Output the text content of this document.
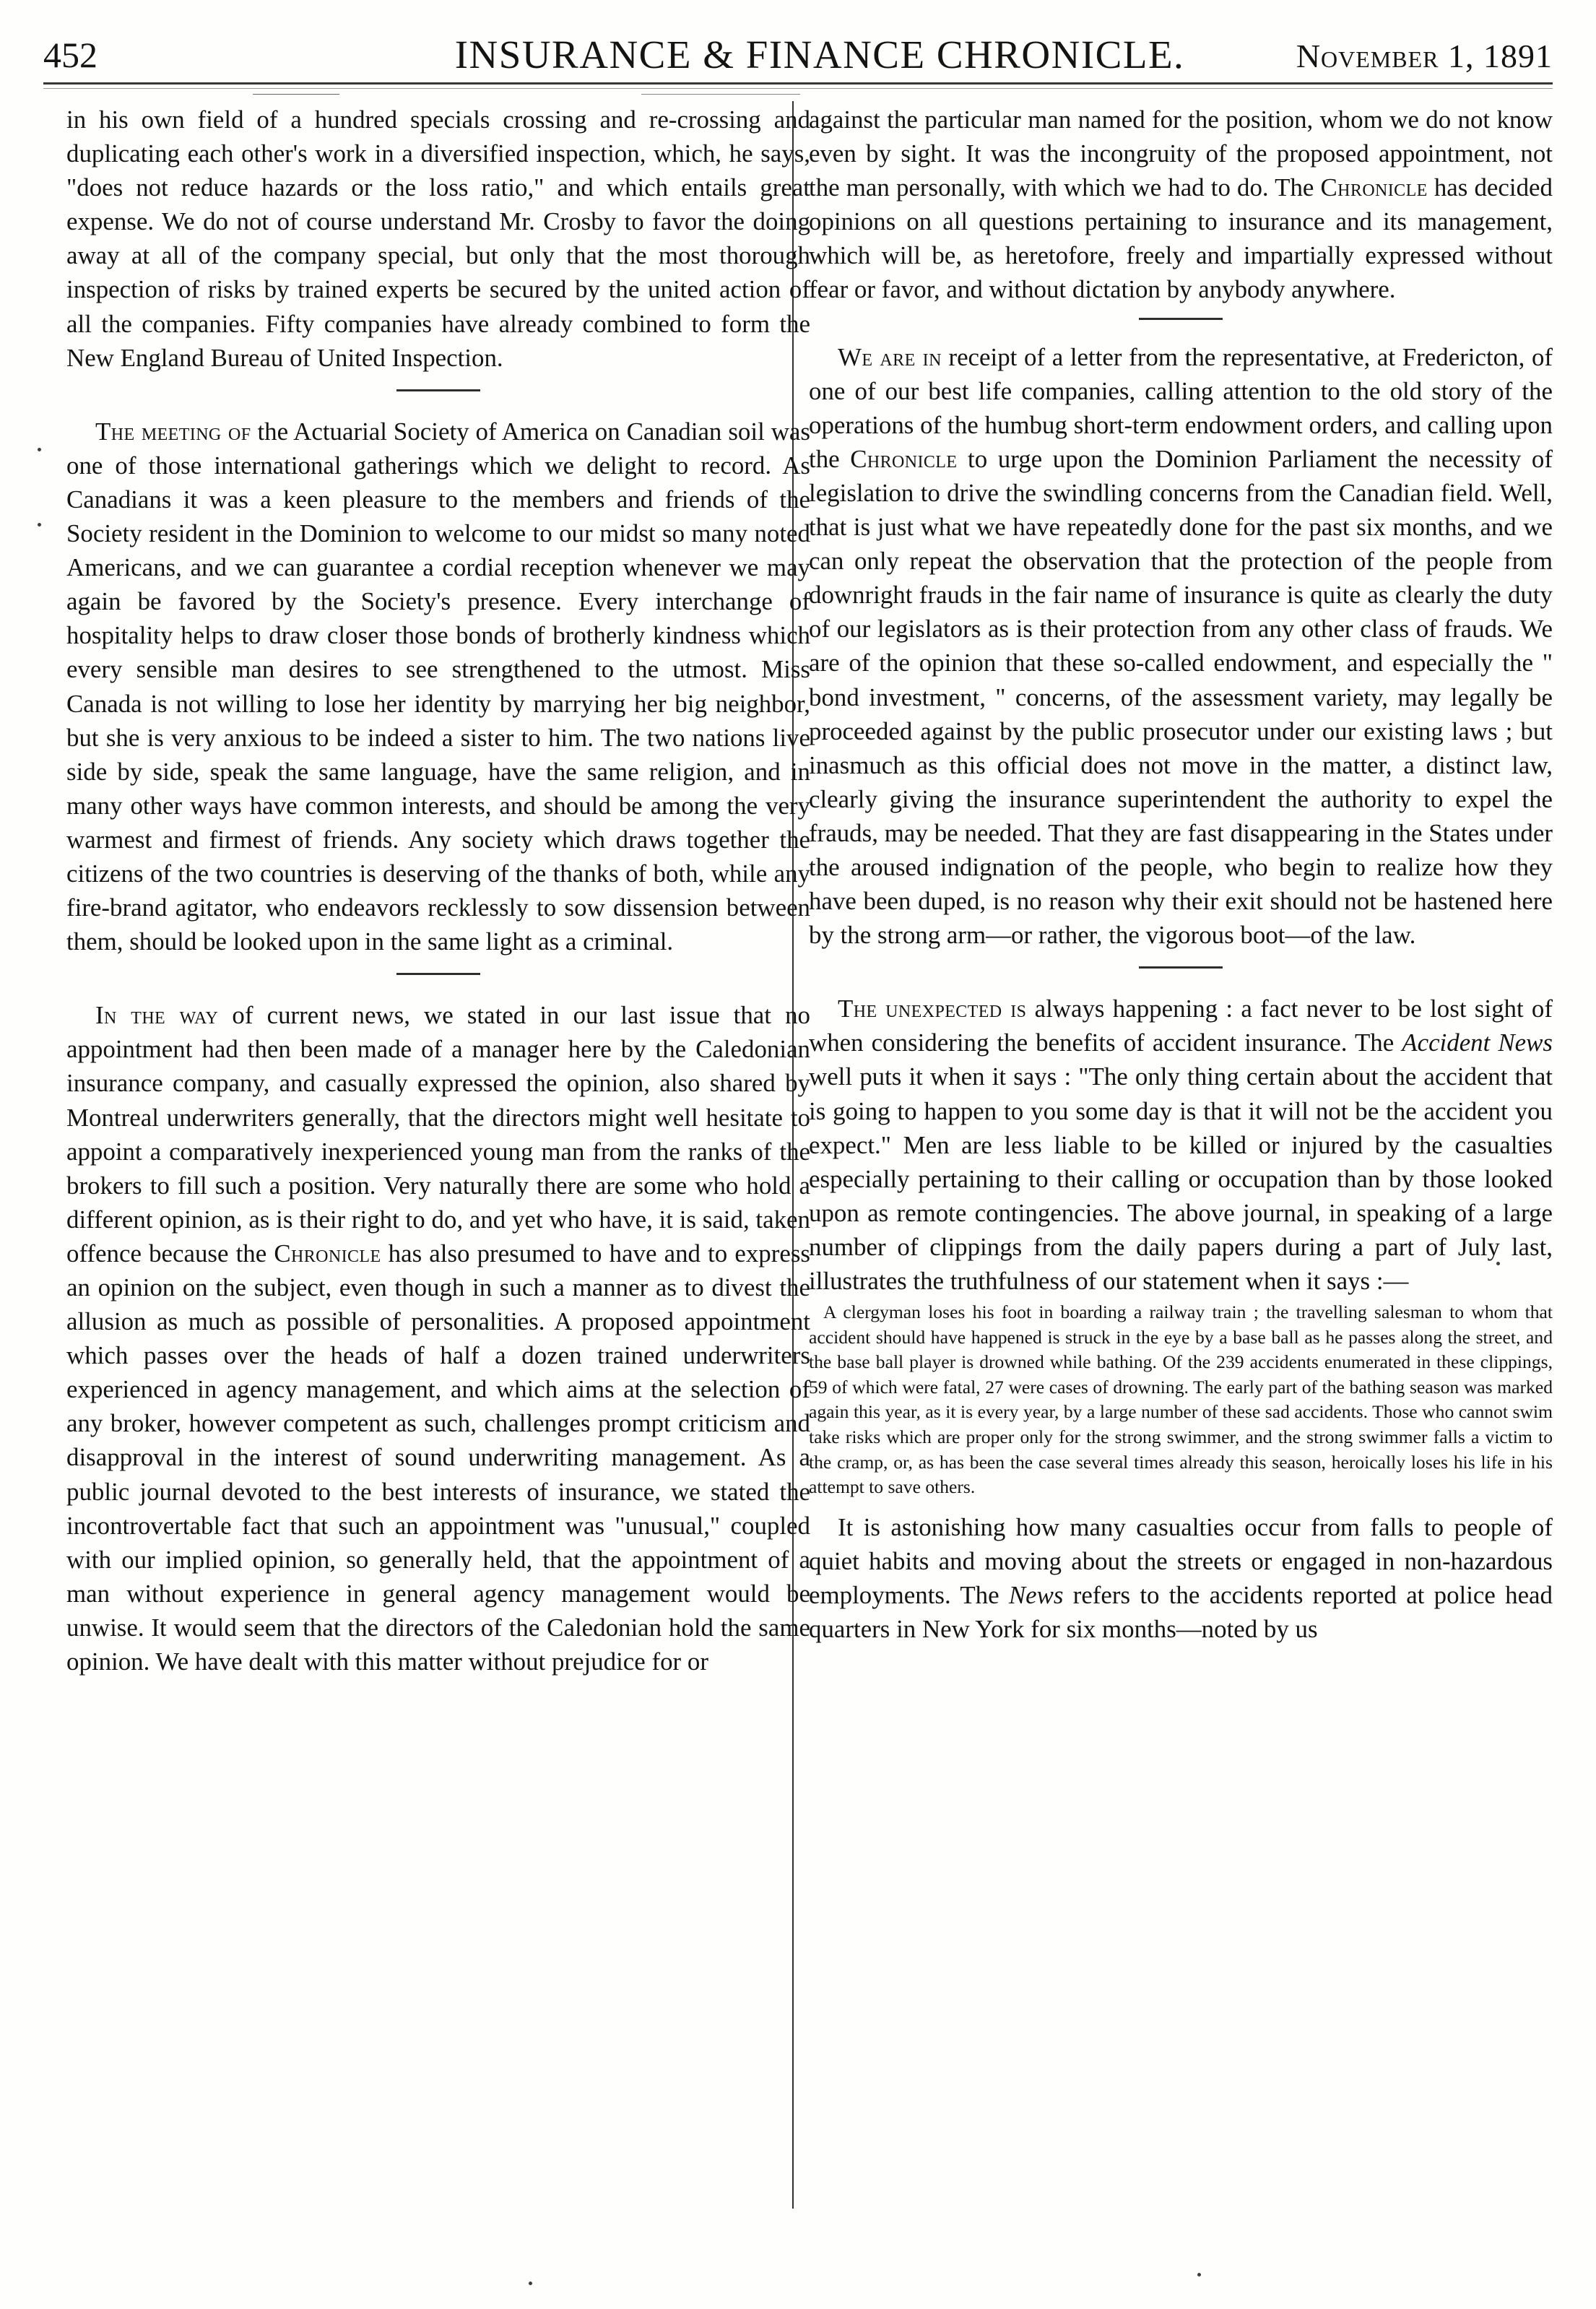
452	INSURANCE & FINANCE CHRONICLE.	November 1, 1891

in his own field of a hundred specials crossing and re-crossing and duplicating each other's work in a diversified inspection, which, he says, "does not reduce hazards or the loss ratio," and which entails great expense. We do not of course understand Mr. Crosby to favor the doing away at all of the company special, but only that the most thorough inspection of risks by trained experts be secured by the united action of all the companies. Fifty companies have already combined to form the New England Bureau of United Inspection.

The meeting of the Actuarial Society of America on Canadian soil was one of those international gatherings which we delight to record. As Canadians it was a keen pleasure to the members and friends of the Society resident in the Dominion to welcome to our midst so many noted Americans, and we can guarantee a cordial reception whenever we may again be favored by the Society's presence. Every interchange of hospitality helps to draw closer those bonds of brotherly kindness which every sensible man desires to see strengthened to the utmost. Miss Canada is not willing to lose her identity by marrying her big neighbor, but she is very anxious to be indeed a sister to him. The two nations live side by side, speak the same language, have the same religion, and in many other ways have common interests, and should be among the very warmest and firmest of friends. Any society which draws together the citizens of the two countries is deserving of the thanks of both, while any fire-brand agitator, who endeavors recklessly to sow dissension between them, should be looked upon in the same light as a criminal.

In the way of current news, we stated in our last issue that no appointment had then been made of a manager here by the Caledonian insurance company, and casually expressed the opinion, also shared by Montreal underwriters generally, that the directors might well hesitate to appoint a comparatively inexperienced young man from the ranks of the brokers to fill such a position. Very naturally there are some who hold a different opinion, as is their right to do, and yet who have, it is said, taken offence because the Chronicle has also presumed to have and to express an opinion on the subject, even though in such a manner as to divest the allusion as much as possible of personalities. A proposed appointment which passes over the heads of half a dozen trained underwriters experienced in agency management, and which aims at the selection of any broker, however competent as such, challenges prompt criticism and disapproval in the interest of sound underwriting management. As a public journal devoted to the best interests of insurance, we stated the incontrovertable fact that such an appointment was "unusual," coupled with our implied opinion, so generally held, that the appointment of a man without experience in general agency management would be unwise. It would seem that the directors of the Caledonian hold the same opinion. We have dealt with this matter without prejudice for or

against the particular man named for the position, whom we do not know even by sight. It was the incongruity of the proposed appointment, not the man personally, with which we had to do. The Chronicle has decided opinions on all questions pertaining to insurance and its management, which will be, as heretofore, freely and impartially expressed without fear or favor, and without dictation by anybody anywhere.

We are in receipt of a letter from the representative, at Fredericton, of one of our best life companies, calling attention to the old story of the operations of the humbug short-term endowment orders, and calling upon the Chronicle to urge upon the Dominion Parliament the necessity of legislation to drive the swindling concerns from the Canadian field. Well, that is just what we have repeatedly done for the past six months, and we can only repeat the observation that the protection of the people from downright frauds in the fair name of insurance is quite as clearly the duty of our legislators as is their protection from any other class of frauds. We are of the opinion that these so-called endowment, and especially the " bond investment, " concerns, of the assessment variety, may legally be proceeded against by the public prosecutor under our existing laws ; but inasmuch as this official does not move in the matter, a distinct law, clearly giving the insurance superintendent the authority to expel the frauds, may be needed. That they are fast disappearing in the States under the aroused indignation of the people, who begin to realize how they have been duped, is no reason why their exit should not be hastened here by the strong arm—or rather, the vigorous boot—of the law.

The unexpected is always happening : a fact never to be lost sight of when considering the benefits of accident insurance. The Accident News well puts it when it says : "The only thing certain about the accident that is going to happen to you some day is that it will not be the accident you expect." Men are less liable to be killed or injured by the casualties especially pertaining to their calling or occupation than by those looked upon as remote contingencies. The above journal, in speaking of a large number of clippings from the daily papers during a part of July last, illustrates the truthfulness of our statement when it says :—

A clergyman loses his foot in boarding a railway train ; the travelling salesman to whom that accident should have happened is struck in the eye by a base ball as he passes along the street, and the base ball player is drowned while bathing. Of the 239 accidents enumerated in these clippings, 59 of which were fatal, 27 were cases of drowning. The early part of the bathing season was marked again this year, as it is every year, by a large number of these sad accidents. Those who cannot swim take risks which are proper only for the strong swimmer, and the strong swimmer falls a victim to the cramp, or, as has been the case several times already this season, heroically loses his life in his attempt to save others.

It is astonishing how many casualties occur from falls to people of quiet habits and moving about the streets or engaged in non-hazardous employments. The News refers to the accidents reported at police head quarters in New York for six months—noted by us
